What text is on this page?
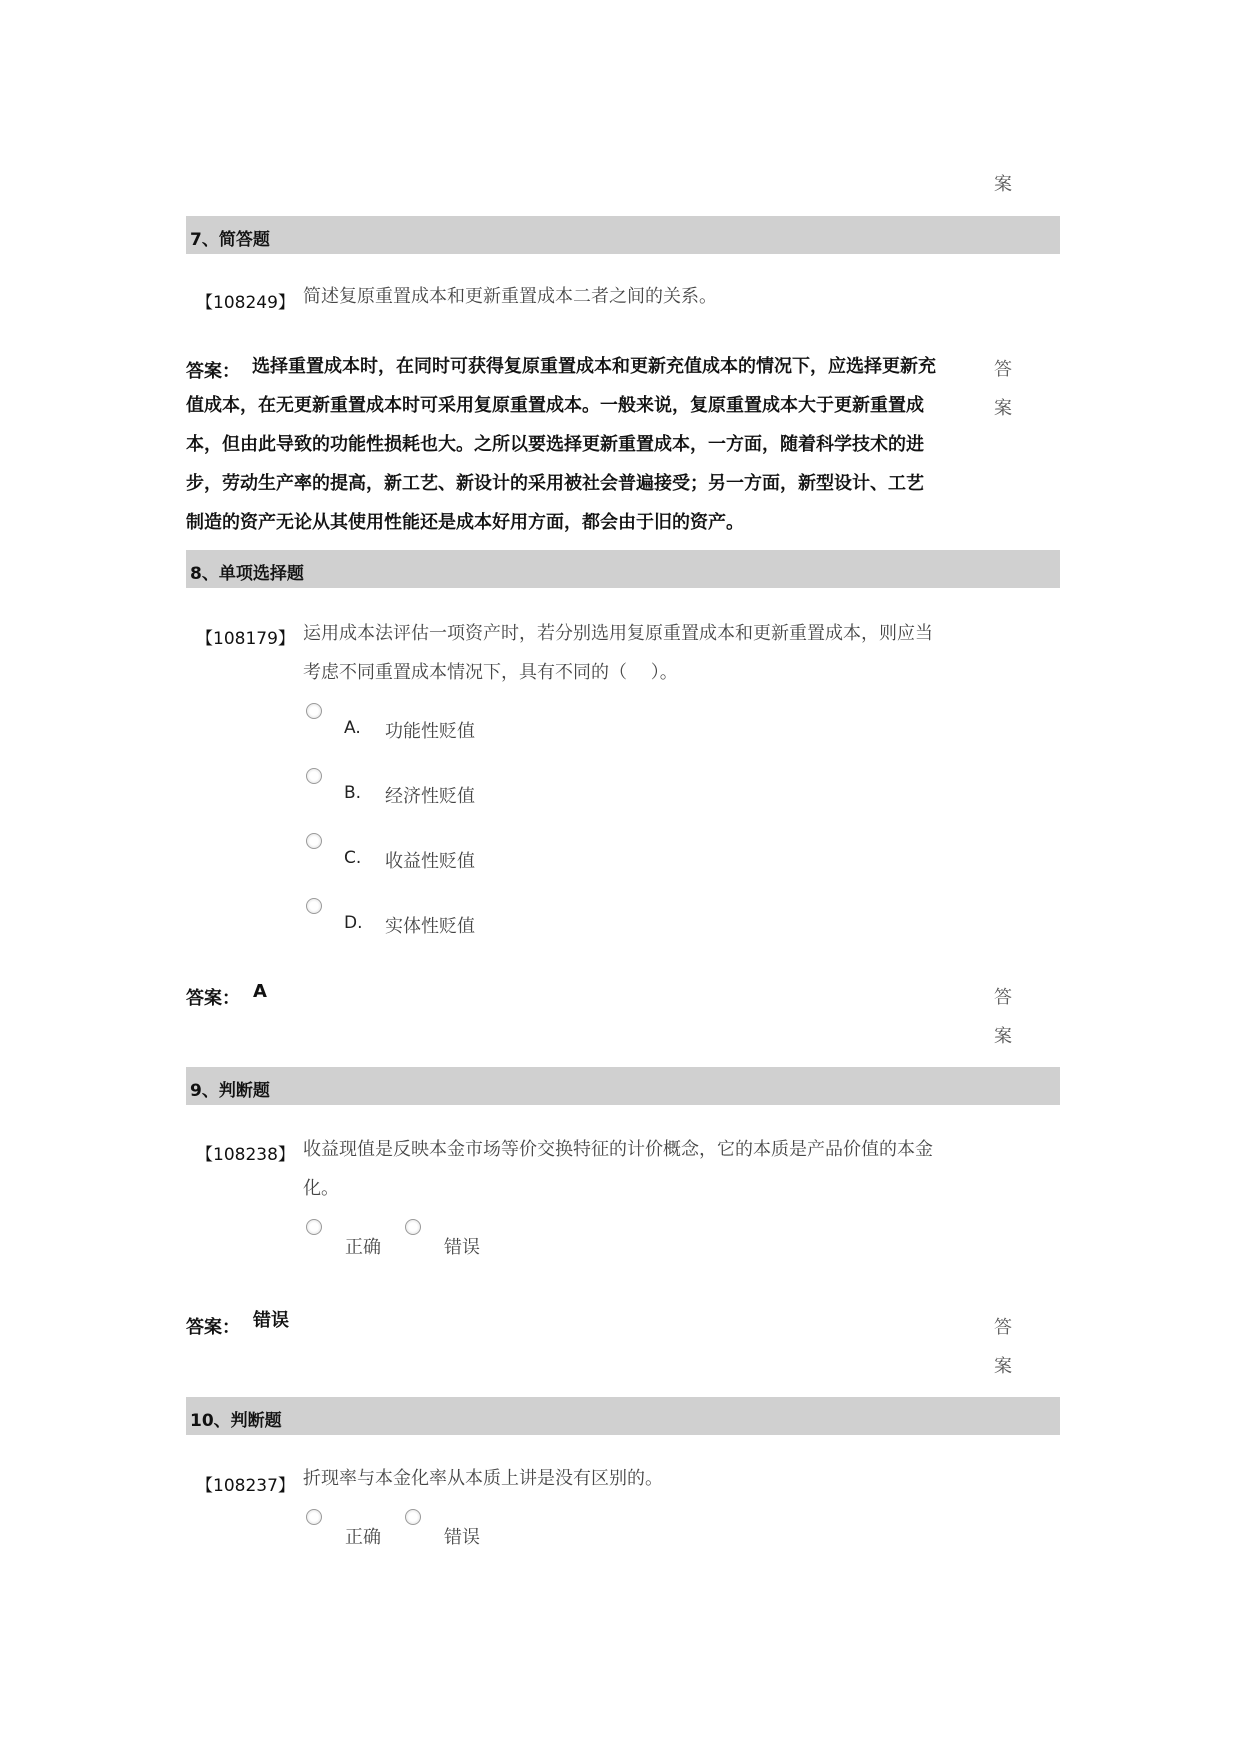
案
7、简答题
【108249】 简述复原重置成本和更新重置成本二者之间的关系。
答案： 选择重置成本时，在同时可获得复原重置成本和更新充值成本的情况下，应选择更新充
值成本，在无更新重置成本时可采用复原重置成本。一般来说，复原重置成本大于更新重置成
本，但由此导致的功能性损耗也大。之所以要选择更新重置成本，一方面，随着科学技术的进
步，劳动生产率的提高，新工艺、新设计的采用被社会普遍接受；另一方面，新型设计、工艺
制造的资产无论从其使用性能还是成本好用方面，都会由于旧的资产。
答
案
8、单项选择题
【108179】 运用成本法评估一项资产时，若分别选用复原重置成本和更新重置成本，则应当
考虑不同重置成本情况下，具有不同的（　 ）。
A. 功能性贬值
B. 经济性贬值
C. 收益性贬值
D. 实体性贬值
答案： A	答
案
9、判断题
【108238】 收益现值是反映本金市场等价交换特征的计价概念，它的本质是产品价值的本金
化。
正确	错误
答案： 错误	答
案
10、判断题
【108237】 折现率与本金化率从本质上讲是没有区别的。
正确	错误
